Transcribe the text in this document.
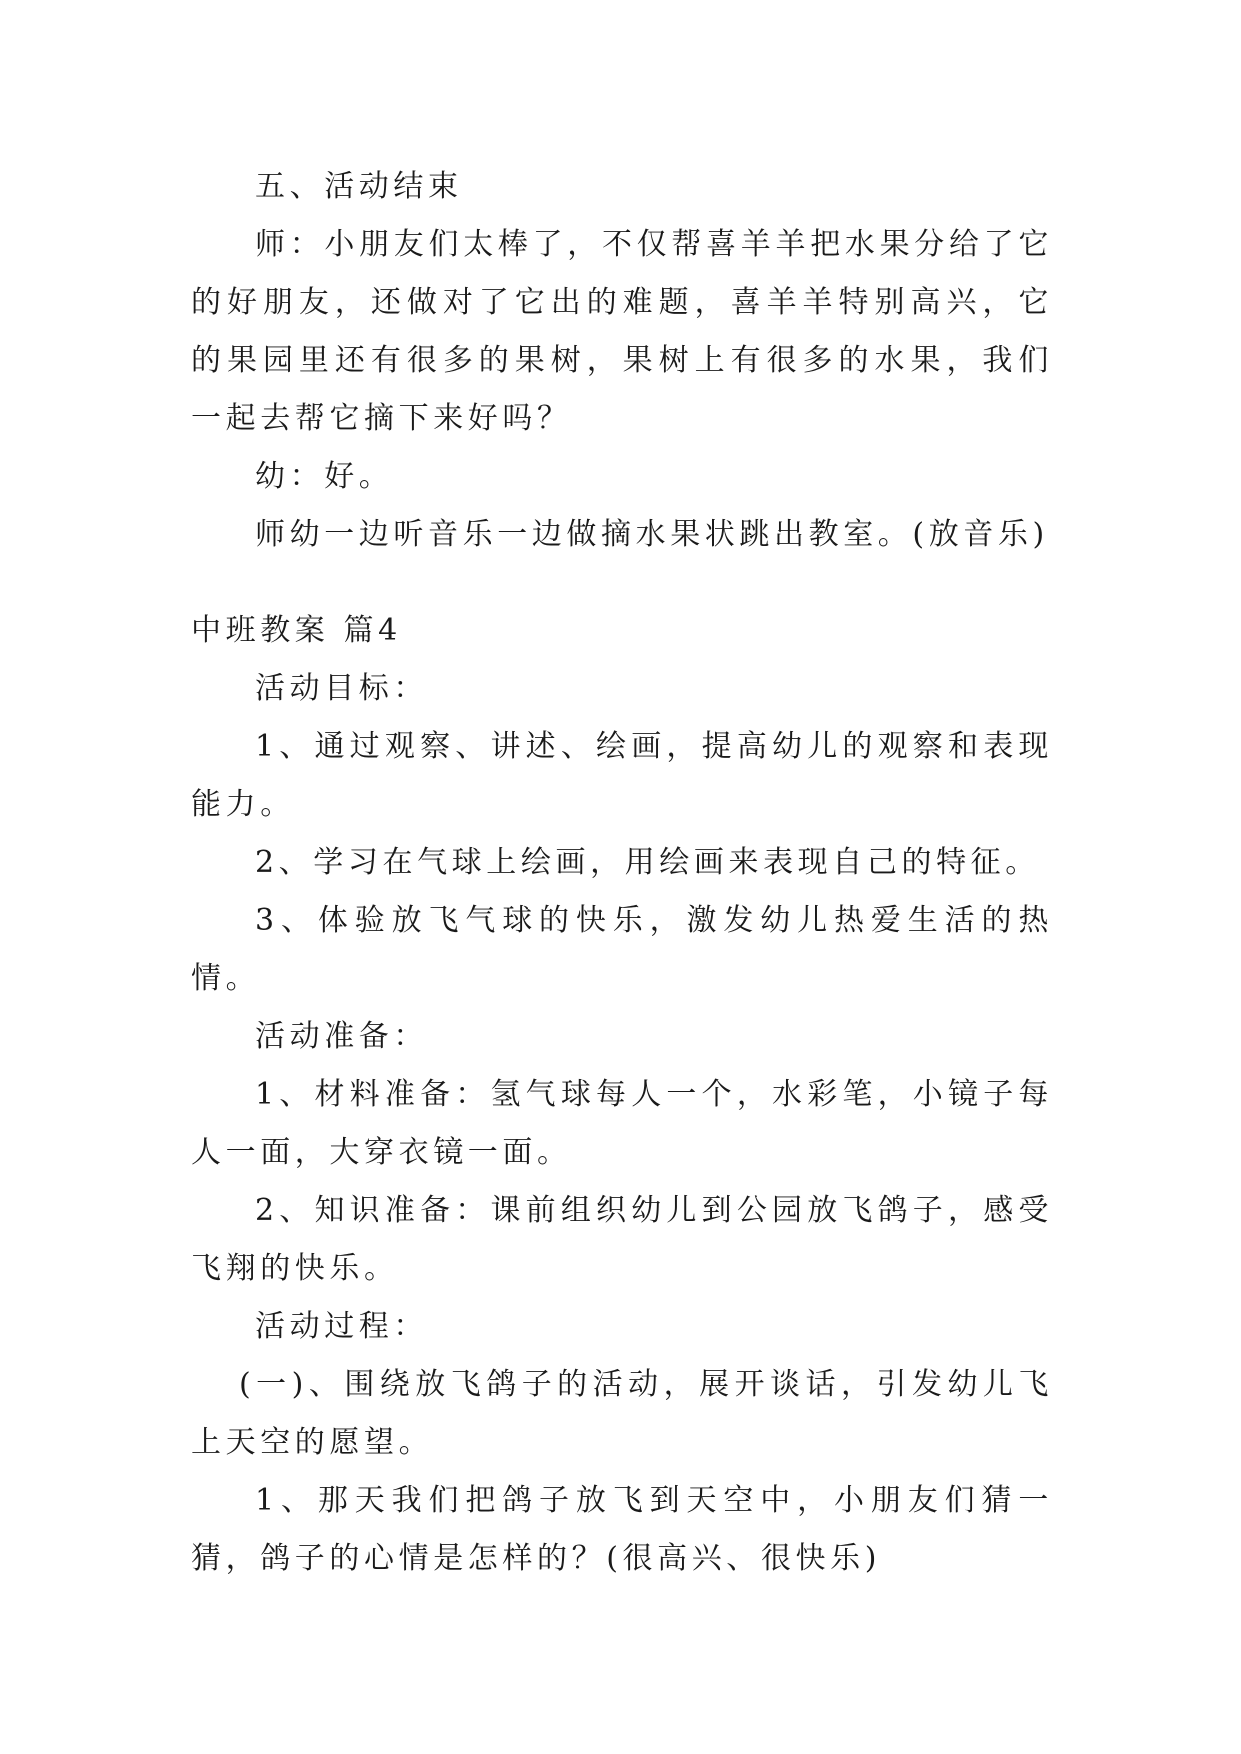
五、活动结束

师：小朋友们太棒了，不仅帮喜羊羊把水果分给了它的好朋友，还做对了它出的难题，喜羊羊特别高兴，它的果园里还有很多的果树，果树上有很多的水果，我们一起去帮它摘下来好吗？

幼：好。

师幼一边听音乐一边做摘水果状跳出教室。(放音乐)

中班教案 篇4

活动目标：

1、通过观察、讲述、绘画，提高幼儿的观察和表现能力。

2、学习在气球上绘画，用绘画来表现自己的特征。

3、体验放飞气球的快乐，激发幼儿热爱生活的热情。

活动准备：

1、材料准备：氢气球每人一个，水彩笔，小镜子每人一面，大穿衣镜一面。

2、知识准备：课前组织幼儿到公园放飞鸽子，感受飞翔的快乐。

活动过程：

(一)、围绕放飞鸽子的活动，展开谈话，引发幼儿飞上天空的愿望。

1、那天我们把鸽子放飞到天空中，小朋友们猜一猜，鸽子的心情是怎样的？(很高兴、很快乐)
